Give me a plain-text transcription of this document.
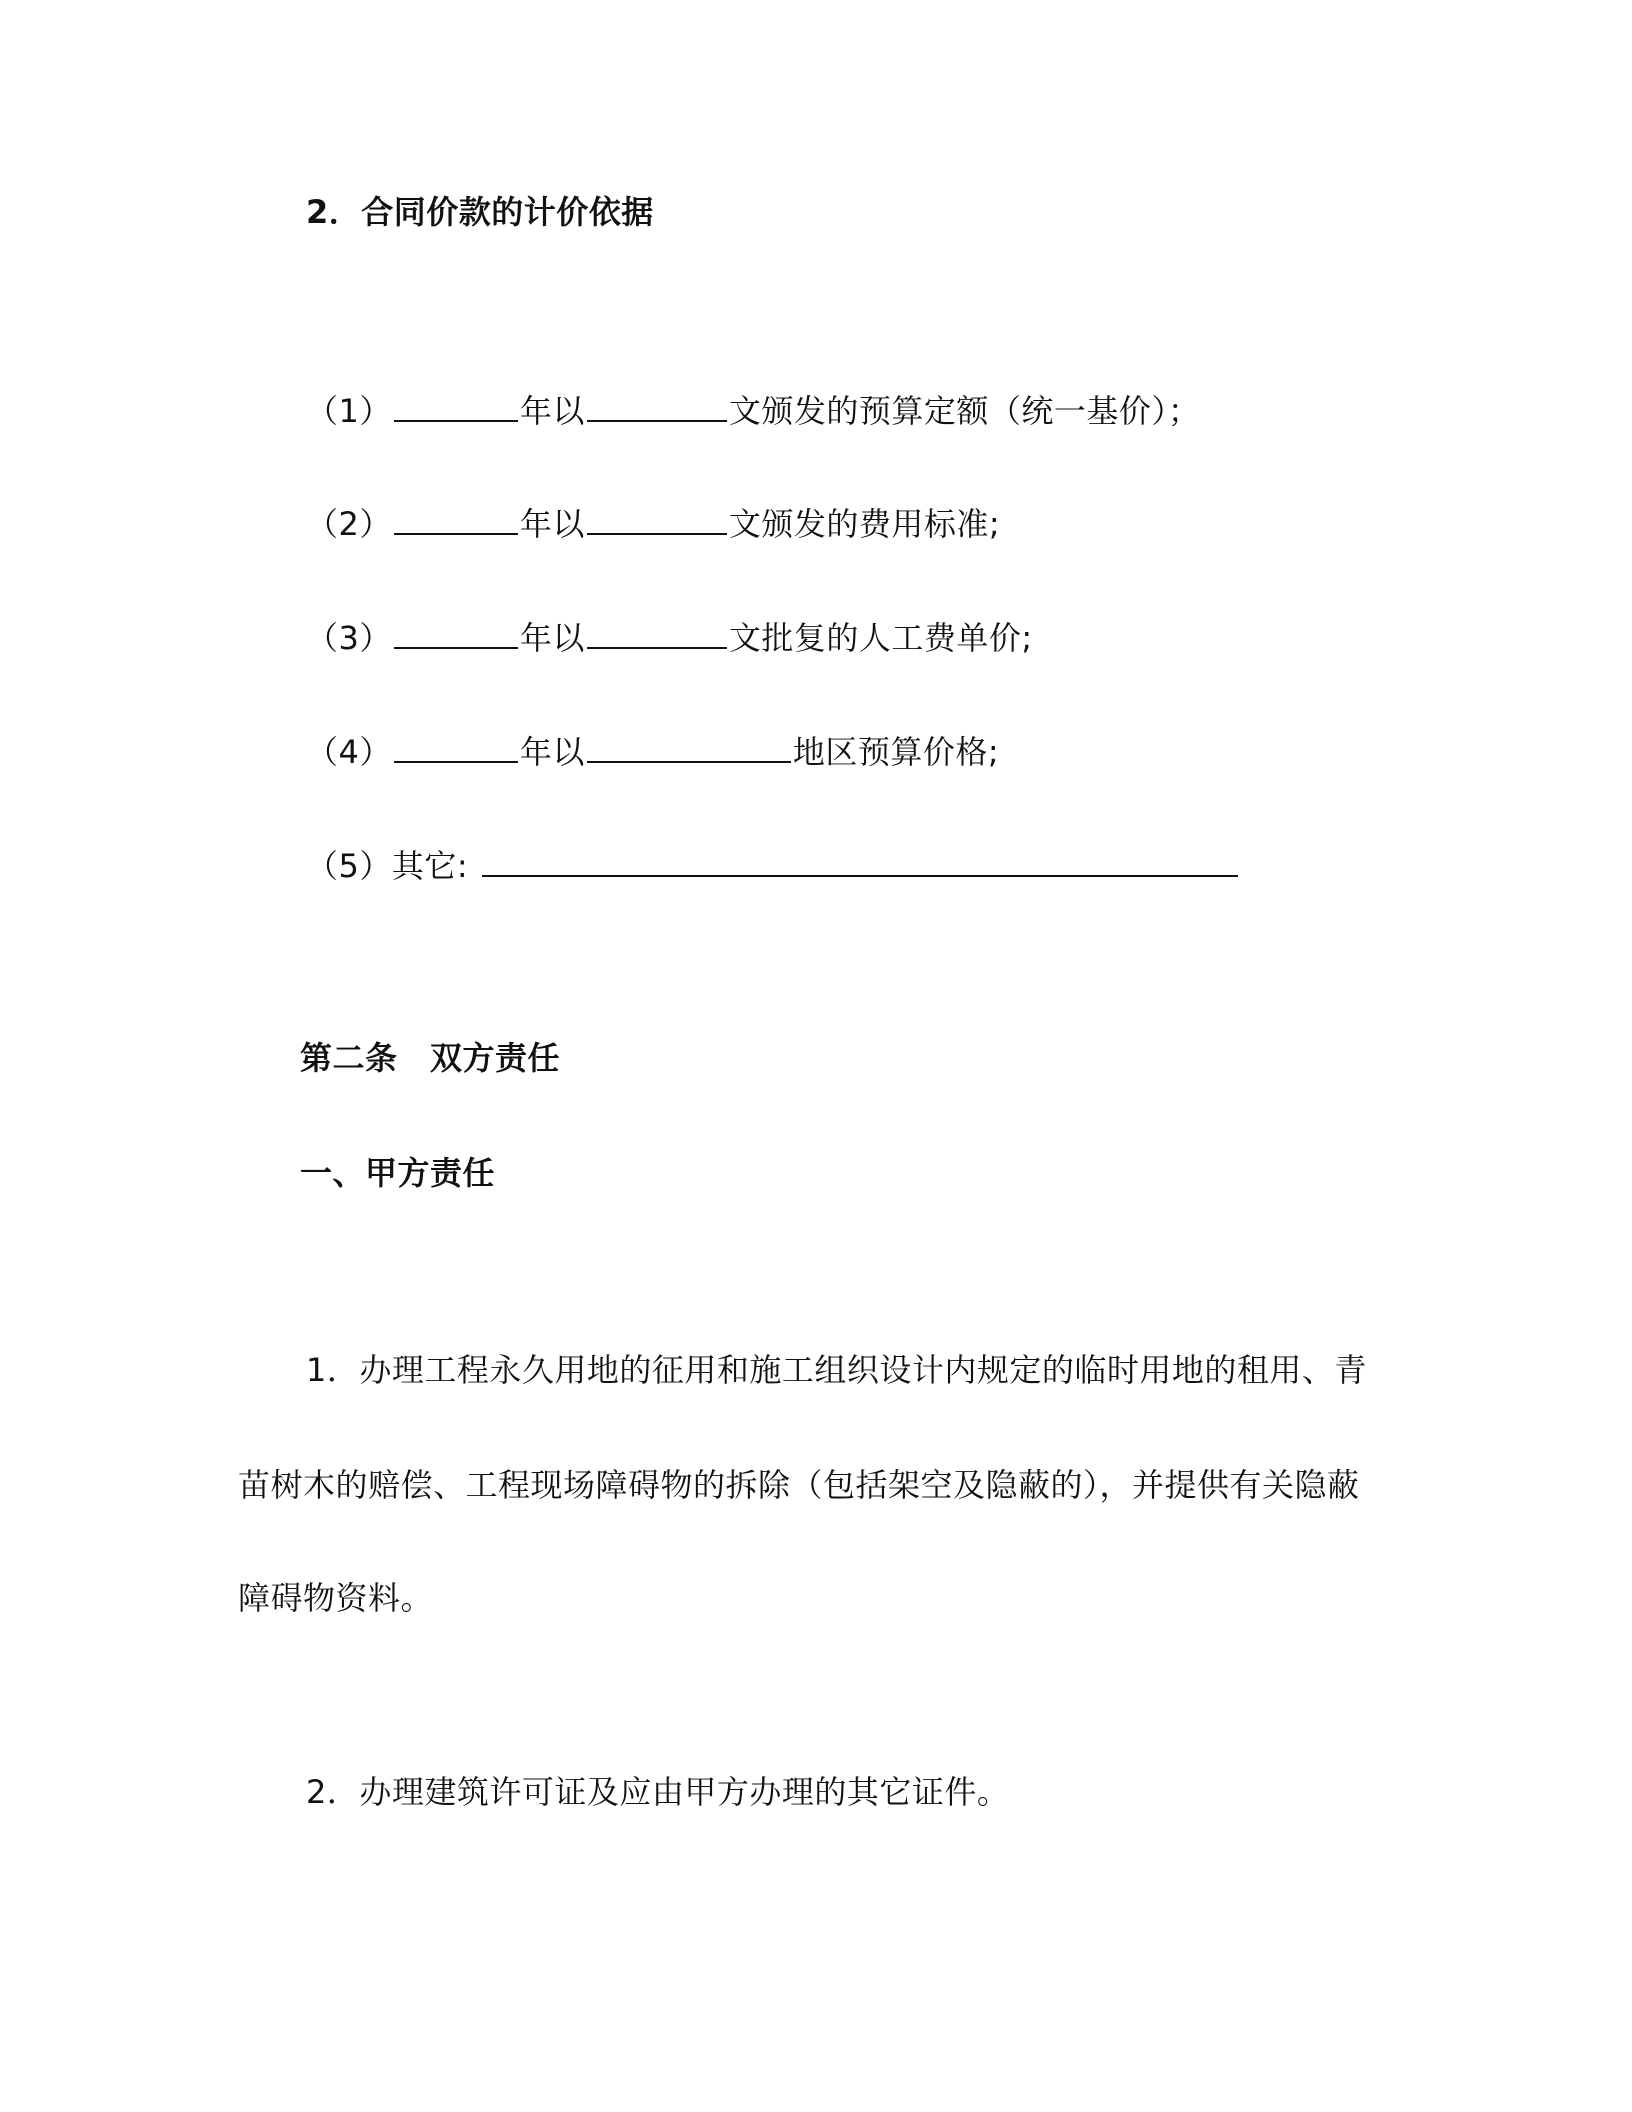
2．合同价款的计价依据
（1）	年以	文颁发的预算定额（统一基价）；
（2）	年以	文颁发的费用标准;
（3）	年以	文批复的人工费单价;
（4）	年以	地区预算价格;
（5）其它:
第二条　双方责任
一、甲方责任
1．办理工程永久用地的征用和施工组织设计内规定的临时用地的租用、青
苗树木的赔偿、工程现场障碍物的拆除（包括架空及隐蔽的），并提供有关隐蔽
障碍物资料。
2．办理建筑许可证及应由甲方办理的其它证件。
